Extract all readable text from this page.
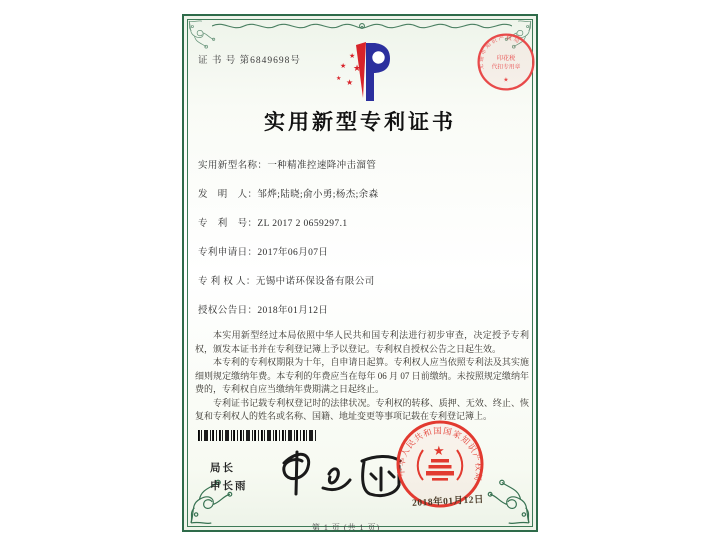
证 书 号 第6849698号	★
★
★
★ ★
实用新型专利证书
实用新型名称：一种精准控速降冲击溜管
发　明　人：邹烨;陆晓;俞小勇;杨杰;余森
专　利　号：ZL 2017 2 0659297.1
专利申请日：2017年06月07日
专 利 权 人：无锡中诺环保设备有限公司
授权公告日：2018年01月12日

本实用新型经过本局依照中华人民共和国专利法进行初步审查，决定授予专利权，颁发本证书并在专利登记簿上予以登记。专利权自授权公告之日起生效。

本专利的专利权期限为十年，自申请日起算。专利权人应当依照专利法及其实施细则规定缴纳年费。本专利的年费应当在每年 06 月 07 日前缴纳。未按照规定缴纳年费的，专利权自应当缴纳年费期满之日起终止。

专利证书记载专利权登记时的法律状况。专利权的转移、质押、无效、终止、恢复和专利权人的姓名或名称、国籍、地址变更等事项记载在专利登记簿上。

局长
申长雨
中华人民共和国国家知识产权局
★
2018年01月12日
无锡市知识产权局
印花税
代扣专用章
★
第 1 页 (共 1 页)
